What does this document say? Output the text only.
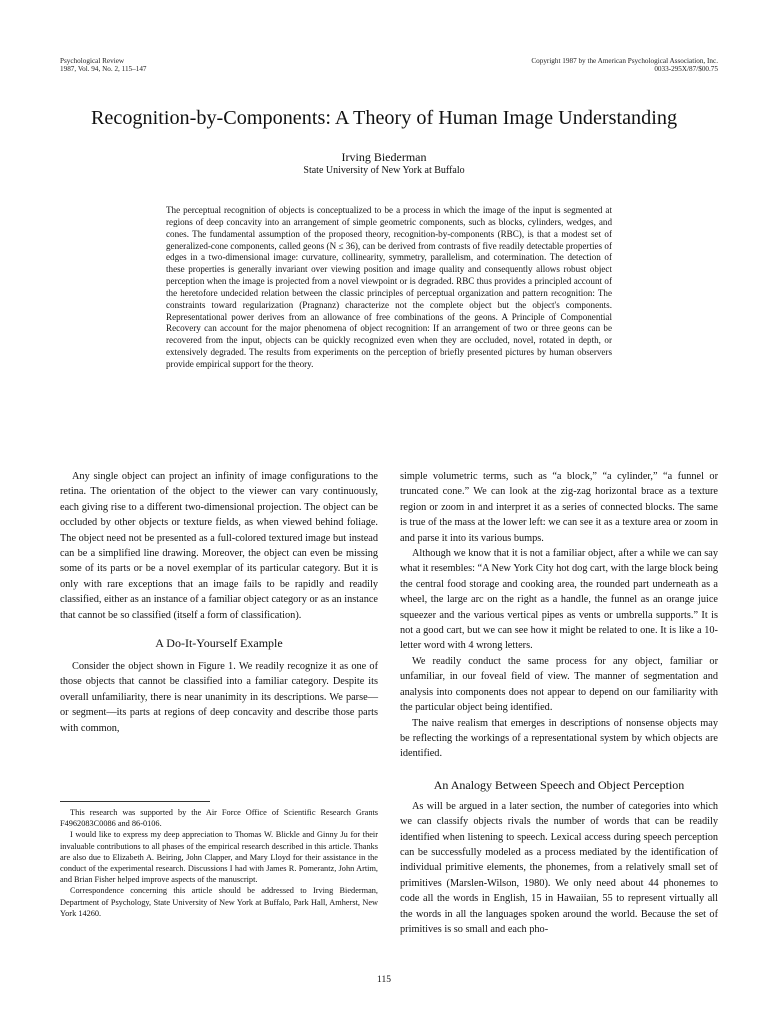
Psychological Review
1987, Vol. 94, No. 2, 115–147
Copyright 1987 by the American Psychological Association, Inc.
0033-295X/87/$00.75
Recognition-by-Components: A Theory of Human Image Understanding
Irving Biederman
State University of New York at Buffalo

The perceptual recognition of objects is conceptualized to be a process in which the image of the input is segmented at regions of deep concavity into an arrangement of simple geometric components, such as blocks, cylinders, wedges, and cones. The fundamental assumption of the proposed theory, recognition-by-components (RBC), is that a modest set of generalized-cone components, called geons (N ≤ 36), can be derived from contrasts of five readily detectable properties of edges in a two-dimensional image: curvature, collinearity, symmetry, parallelism, and cotermination. The detection of these properties is generally invariant over viewing position and image quality and consequently allows robust object perception when the image is projected from a novel viewpoint or is degraded. RBC thus provides a principled account of the heretofore undecided relation between the classic principles of perceptual organization and pattern recognition: The constraints toward regularization (Pragnanz) characterize not the complete object but the object's components. Representational power derives from an allowance of free combinations of the geons. A Principle of Componential Recovery can account for the major phenomena of object recognition: If an arrangement of two or three geons can be recovered from the input, objects can be quickly recognized even when they are occluded, novel, rotated in depth, or extensively degraded. The results from experiments on the perception of briefly presented pictures by human observers provide empirical support for the theory.

Any single object can project an infinity of image configurations to the retina. The orientation of the object to the viewer can vary continuously, each giving rise to a different two-dimensional projection. The object can be occluded by other objects or texture fields, as when viewed behind foliage. The object need not be presented as a full-colored textured image but instead can be a simplified line drawing. Moreover, the object can even be missing some of its parts or be a novel exemplar of its particular category. But it is only with rare exceptions that an image fails to be rapidly and readily classified, either as an instance of a familiar object category or as an instance that cannot be so classified (itself a form of classification).

A Do-It-Yourself Example

Consider the object shown in Figure 1. We readily recognize it as one of those objects that cannot be classified into a familiar category. Despite its overall unfamiliarity, there is near unanimity in its descriptions. We parse—or segment—its parts at regions of deep concavity and describe those parts with common,

simple volumetric terms, such as “a block,” “a cylinder,” “a funnel or truncated cone.” We can look at the zig-zag horizontal brace as a texture region or zoom in and interpret it as a series of connected blocks. The same is true of the mass at the lower left: we can see it as a texture area or zoom in and parse it into its various bumps.

Although we know that it is not a familiar object, after a while we can say what it resembles: “A New York City hot dog cart, with the large block being the central food storage and cooking area, the rounded part underneath as a wheel, the large arc on the right as a handle, the funnel as an orange juice squeezer and the various vertical pipes as vents or umbrella supports.” It is not a good cart, but we can see how it might be related to one. It is like a 10-letter word with 4 wrong letters.

We readily conduct the same process for any object, familiar or unfamiliar, in our foveal field of view. The manner of segmentation and analysis into components does not appear to depend on our familiarity with the particular object being identified.

The naive realism that emerges in descriptions of nonsense objects may be reflecting the workings of a representational system by which objects are identified.

An Analogy Between Speech and Object Perception

As will be argued in a later section, the number of categories into which we can classify objects rivals the number of words that can be readily identified when listening to speech. Lexical access during speech perception can be successfully modeled as a process mediated by the identification of individual primitive elements, the phonemes, from a relatively small set of primitives (Marslen-Wilson, 1980). We only need about 44 phonemes to code all the words in English, 15 in Hawaiian, 55 to represent virtually all the words in all the languages spoken around the world. Because the set of primitives is so small and each pho-

This research was supported by the Air Force Office of Scientific Research Grants F4962083C0086 and 86-0106.

I would like to express my deep appreciation to Thomas W. Blickle and Ginny Ju for their invaluable contributions to all phases of the empirical research described in this article. Thanks are also due to Elizabeth A. Beiring, John Clapper, and Mary Lloyd for their assistance in the conduct of the experimental research. Discussions I had with James R. Pomerantz, John Artim, and Brian Fisher helped improve aspects of the manuscript.

Correspondence concerning this article should be addressed to Irving Biederman, Department of Psychology, State University of New York at Buffalo, Park Hall, Amherst, New York 14260.

115
